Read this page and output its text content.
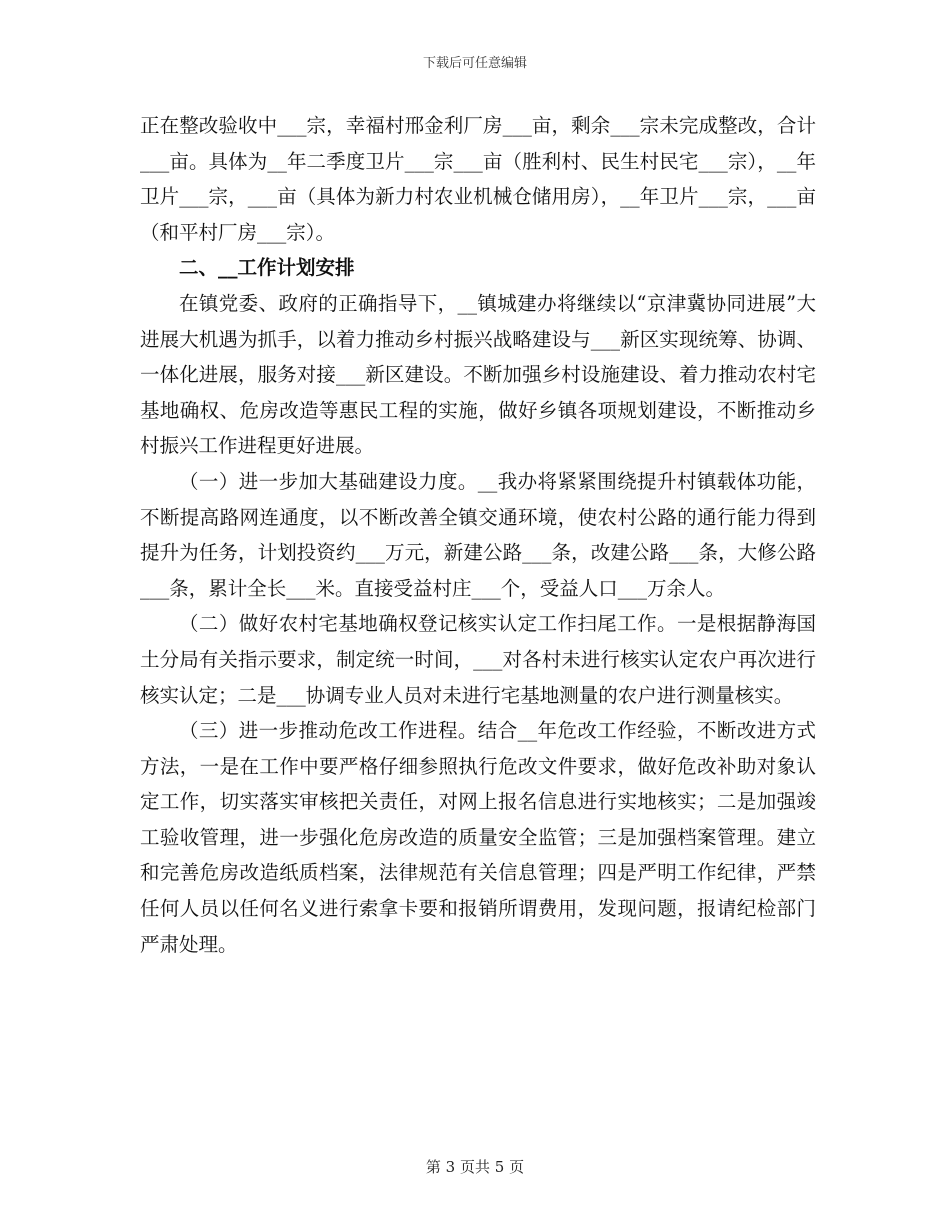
下载后可任意编辑

正在整改验收中___宗，幸福村邢金利厂房___亩，剩余___宗未完成整改，合计___亩。具体为__年二季度卫片___宗___亩（胜利村、民生村民宅___宗），__年卫片___宗，___亩（具体为新力村农业机械仓储用房），__年卫片___宗，___亩（和平村厂房___宗）。

二、__工作计划安排

在镇党委、政府的正确指导下，__镇城建办将继续以“京津冀协同进展”大进展大机遇为抓手，以着力推动乡村振兴战略建设与___新区实现统筹、协调、一体化进展，服务对接___新区建设。不断加强乡村设施建设、着力推动农村宅基地确权、危房改造等惠民工程的实施，做好乡镇各项规划建设，不断推动乡村振兴工作进程更好进展。

（一）进一步加大基础建设力度。__我办将紧紧围绕提升村镇载体功能，不断提高路网连通度，以不断改善全镇交通环境，使农村公路的通行能力得到提升为任务，计划投资约___万元，新建公路___条，改建公路___条，大修公路___条，累计全长___米。直接受益村庄___个，受益人口___万余人。

（二）做好农村宅基地确权登记核实认定工作扫尾工作。一是根据静海国土分局有关指示要求，制定统一时间，___对各村未进行核实认定农户再次进行核实认定；二是___协调专业人员对未进行宅基地测量的农户进行测量核实。

（三）进一步推动危改工作进程。结合__年危改工作经验，不断改进方式方法，一是在工作中要严格仔细参照执行危改文件要求，做好危改补助对象认定工作，切实落实审核把关责任，对网上报名信息进行实地核实；二是加强竣工验收管理，进一步强化危房改造的质量安全监管；三是加强档案管理。建立和完善危房改造纸质档案，法律规范有关信息管理；四是严明工作纪律，严禁任何人员以任何名义进行索拿卡要和报销所谓费用，发现问题，报请纪检部门严肃处理。

第 3 页共 5 页
